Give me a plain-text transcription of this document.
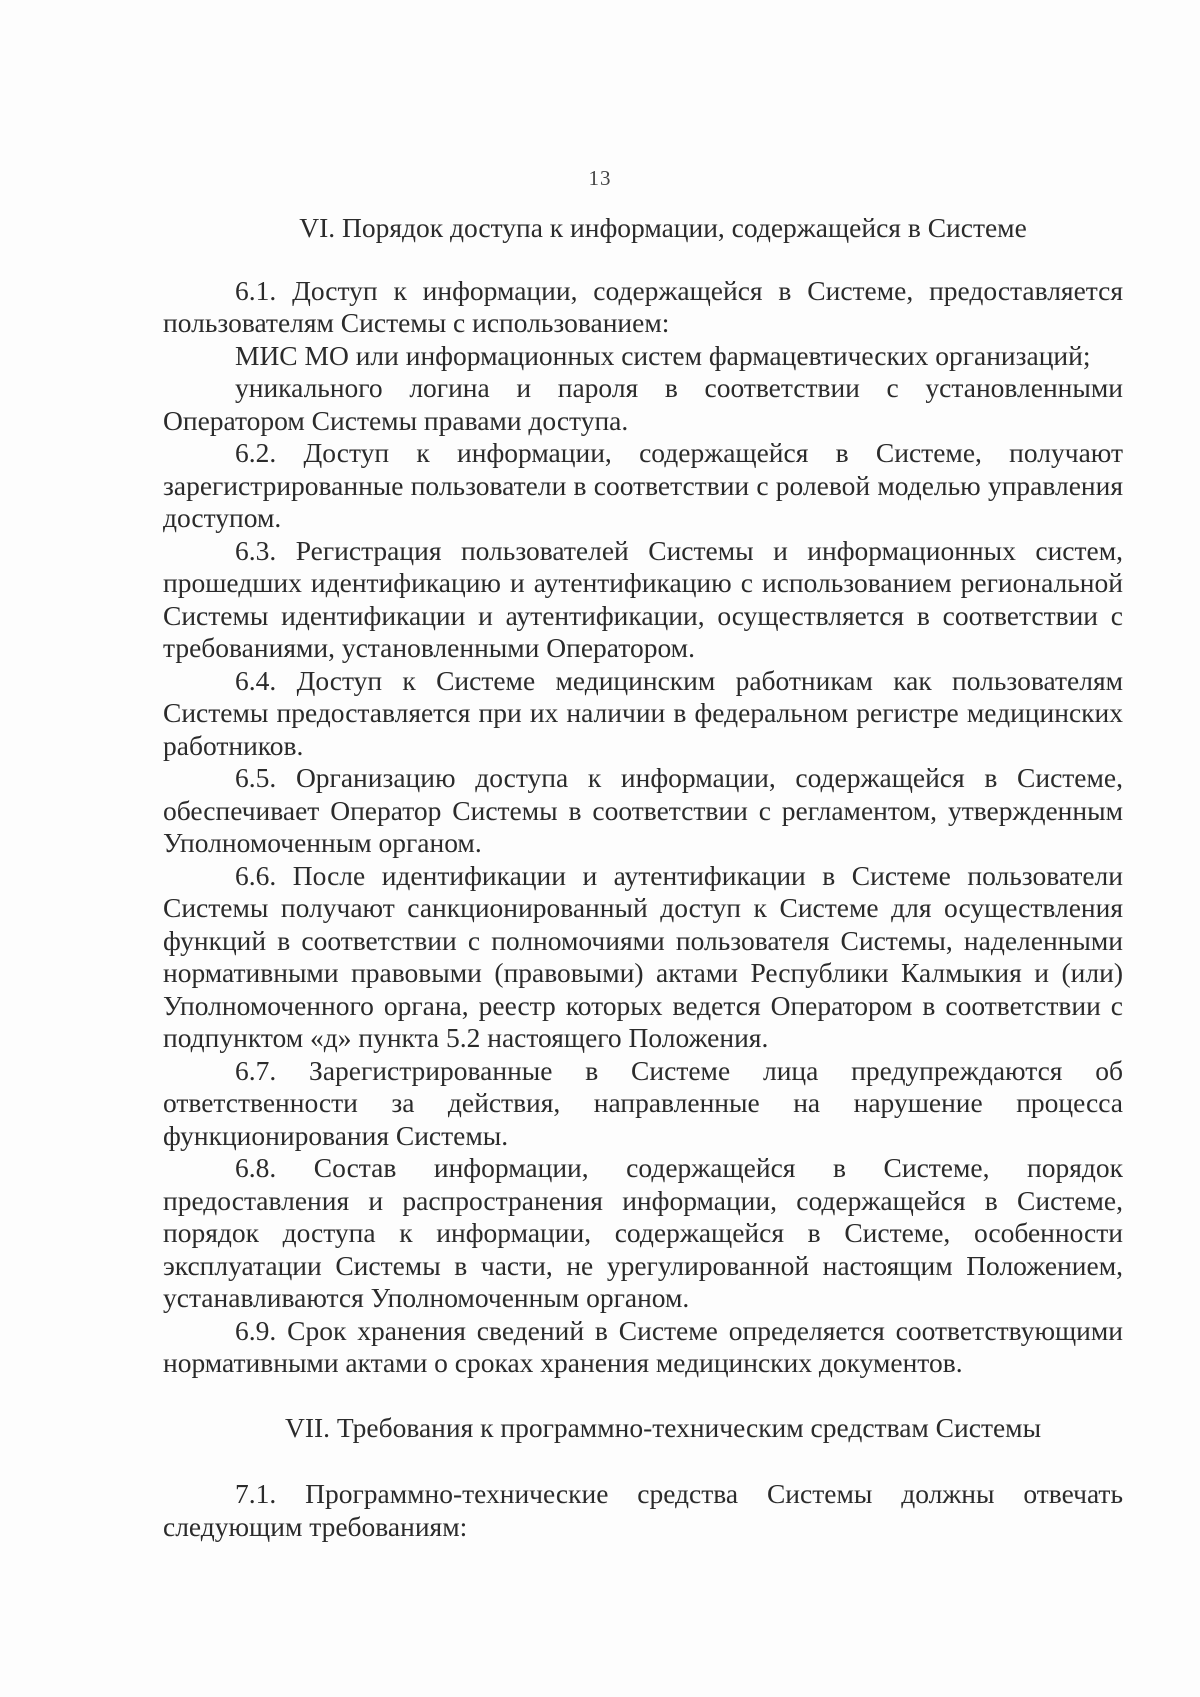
13
VI. Порядок доступа к информации, содержащейся в Системе

6.1. Доступ к информации, содержащейся в Системе, предоставляется пользователям Системы с использованием:

МИС МО или информационных систем фармацевтических организаций;

уникального логина и пароля в соответствии с установленными Оператором Системы правами доступа.

6.2. Доступ к информации, содержащейся в Системе, получают зарегистрированные пользователи в соответствии с ролевой моделью управления доступом.

6.3. Регистрация пользователей Системы и информационных систем, прошедших идентификацию и аутентификацию с использованием региональной Системы идентификации и аутентификации, осуществляется в соответствии с требованиями, установленными Оператором.

6.4. Доступ к Системе медицинским работникам как пользователям Системы предоставляется при их наличии в федеральном регистре медицинских работников.

6.5. Организацию доступа к информации, содержащейся в Системе, обеспечивает Оператор Системы в соответствии с регламентом, утвержденным Уполномоченным органом.

6.6. После идентификации и аутентификации в Системе пользователи Системы получают санкционированный доступ к Системе для осуществления функций в соответствии с полномочиями пользователя Системы, наделенными нормативными правовыми (правовыми) актами Республики Калмыкия и (или) Уполномоченного органа, реестр которых ведется Оператором в соответствии с подпунктом «д» пункта 5.2 настоящего Положения.

6.7. Зарегистрированные в Системе лица предупреждаются об ответственности за действия, направленные на нарушение процесса функционирования Системы.

6.8. Состав информации, содержащейся в Системе, порядок предоставления и распространения информации, содержащейся в Системе, порядок доступа к информации, содержащейся в Системе, особенности эксплуатации Системы в части, не урегулированной настоящим Положением, устанавливаются Уполномоченным органом.

6.9. Срок хранения сведений в Системе определяется соответствующими нормативными актами о сроках хранения медицинских документов.

VII. Требования к программно-техническим средствам Системы

7.1. Программно-технические средства Системы должны отвечать следующим требованиям:
